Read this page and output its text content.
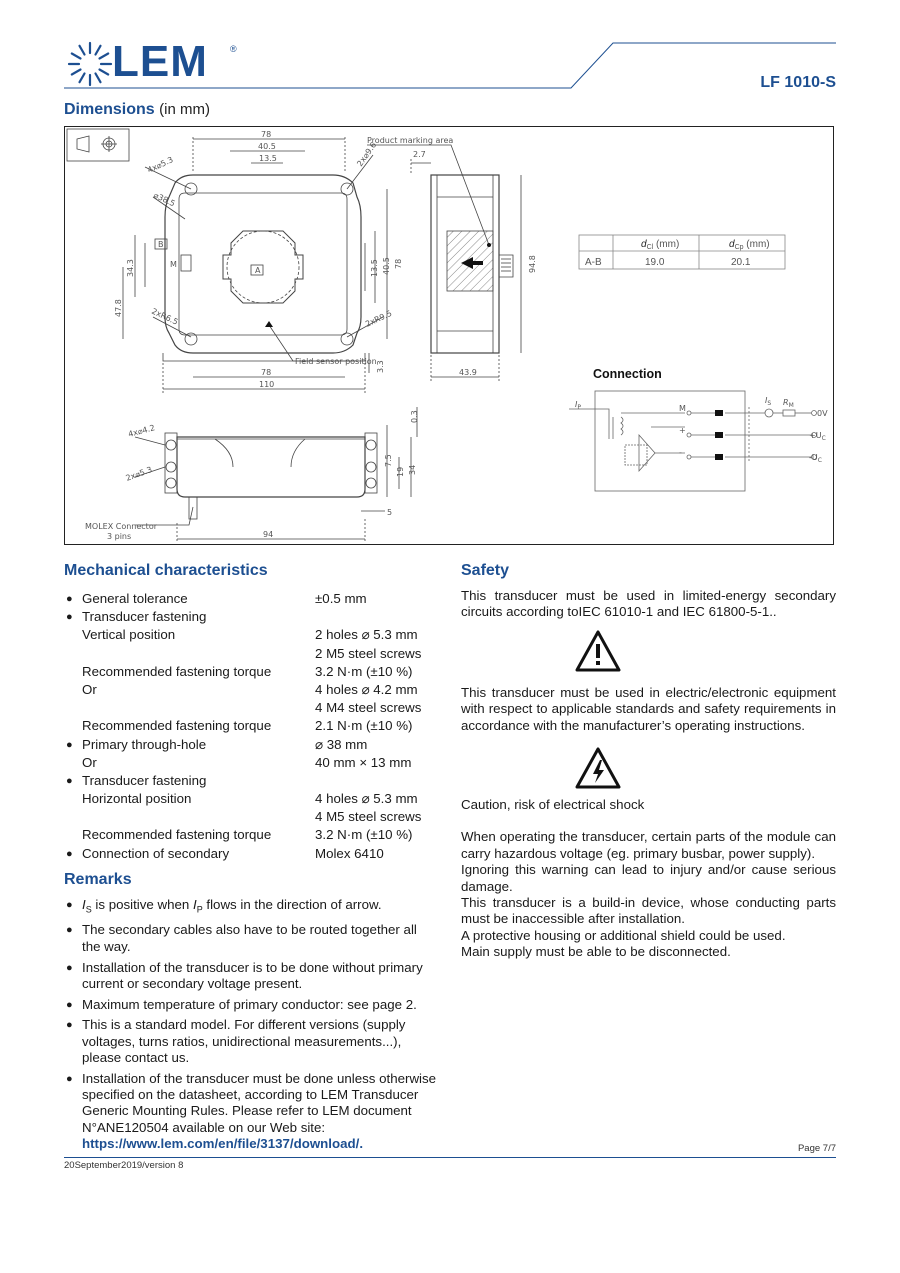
LEM ®
LF 1010-S
Dimensions (in mm)
Product marking area
Field sensor position
78
40.5
13.5	2.7
4x⌀5.3
⌀38.5
2x⌀9.6
34.3
47.8	2xR6.5	2xR9.5
13.5 40.5 78	94.8
3.3
78
110
43.9
4x⌀4.2
2x⌀5.3
0.3
7.5
19 34
5
94
MOLEX Connector
3 pins
A
B
M
$d_{Cl}$ (mm)	$d_{Cp}$ (mm)
A-B	19.0	20.1
Connection
$I_P$
$I_S$ $R_M$
M
+
-
0V
$+U_C$
$-U_C$
Mechanical characteristics
● General tolerance	±0.5 mm
● Transducer fastening
Vertical position	2 holes ⌀ 5.3 mm
2 M5 steel screws
Recommended fastening torque	3.2 N·m (±10 %)
Or	4 holes ⌀ 4.2 mm
4 M4 steel screws
Recommended fastening torque	2.1 N·m (±10 %)
● Primary through-hole	⌀ 38 mm
Or	40 mm × 13 mm
● Transducer fastening
Horizontal position	4 holes ⌀ 5.3 mm
4 M5 steel screws
Recommended fastening torque	3.2 N·m (±10 %)
● Connection of secondary	Molex 6410
Remarks
● $I_S$ is positive when $I_P$ flows in the direction of arrow.
● The secondary cables also have to be routed together all the way.
● Installation of the transducer is to be done without primary current or secondary voltage present.
● Maximum temperature of primary conductor: see page 2.
● This is a standard model. For different versions (supply voltages, turns ratios, unidirectional measurements...), please contact us.
● Installation of the transducer must be done unless otherwise specified on the datasheet, according to LEM Transducer Generic Mounting Rules. Please refer to LEM document N°ANE120504 available on our Web site: https://www.lem.com/en/file/3137/download/.
Safety

This transducer must be used in limited-energy secondary circuits according toIEC 61010-1 and IEC 61800-5-1..

This transducer must be used in electric/electronic equipment with respect to applicable standards and safety requirements in accordance with the manufacturer’s operating instructions.

Caution, risk of electrical shock

When operating the transducer, certain parts of the module can carry hazardous voltage (eg. primary busbar, power supply).

Ignoring this warning can lead to injury and/or cause serious damage.

This transducer is a build-in device, whose conducting parts must be inaccessible after installation.

A protective housing or additional shield could be used.

Main supply must be able to be disconnected.

Page 7/7
20September2019/version 8
